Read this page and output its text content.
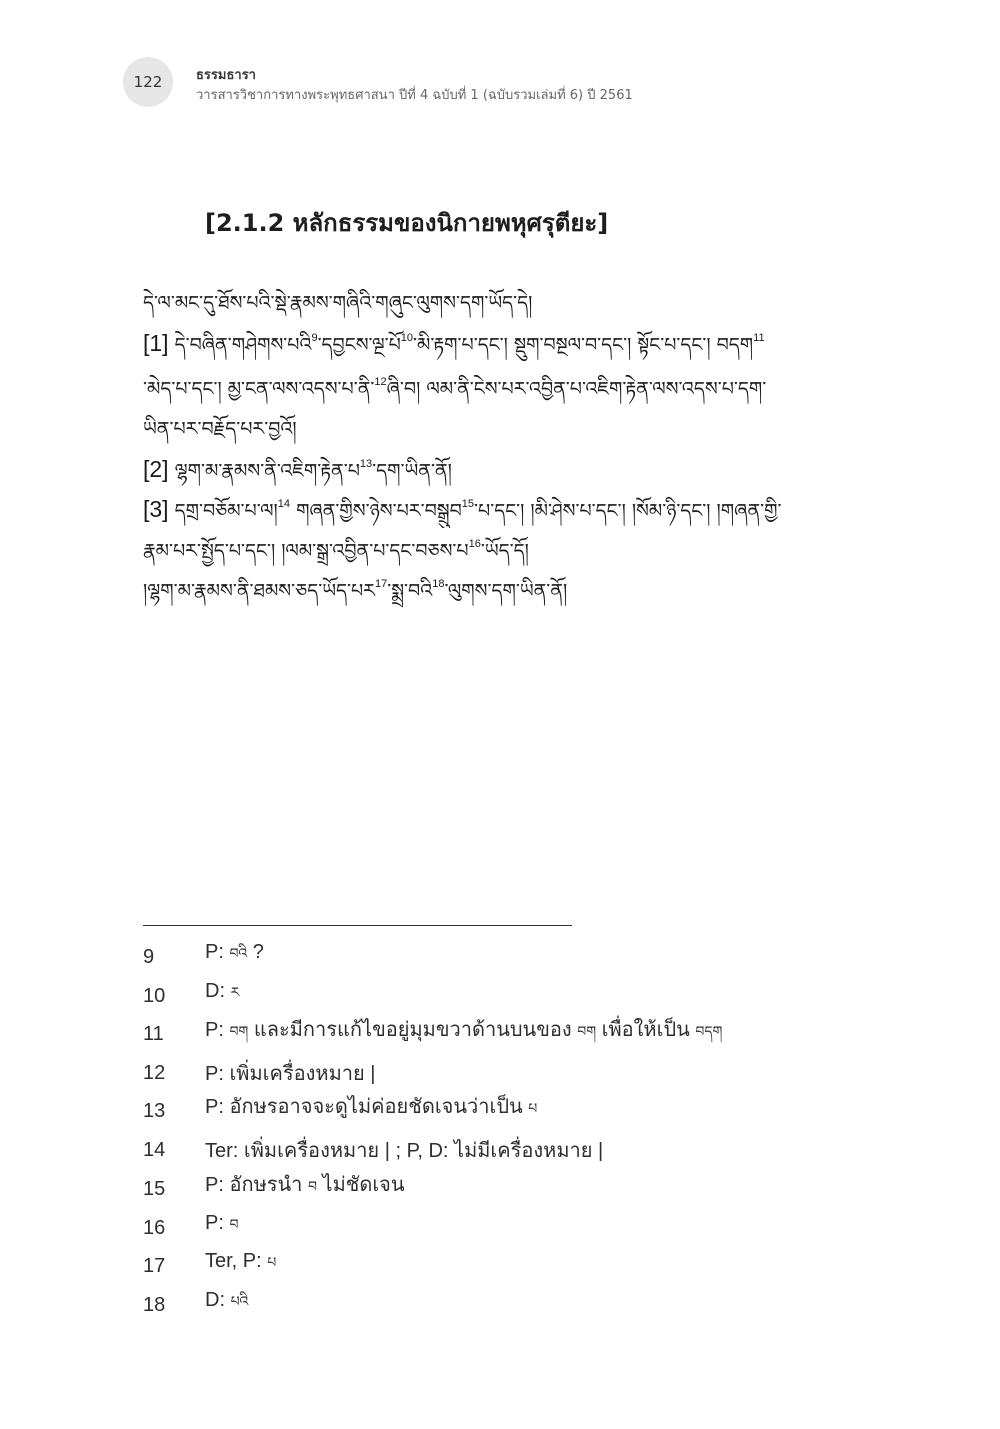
122	ธรรมธารา
วารสารวิชาการทางพระพุทธศาสนา ปีที่ 4 ฉบับที่ 1 (ฉบับรวมเล่มที่ 6) ปี 2561
[2.1.2 หลักธรรมของนิกายพหุศรุตียะ]
དེ་ལ་མང་དུ་ཐོས་པའི་སྡེ་རྣམས་གཞིའི་གཞུང་ལུགས་དག་ཡོད་དེ།
[1] དེ་བཞིན་གཤེགས་པའི$^9$་དབྱངས་ལྔ་པོ$^{10}$་མི་རྟག་པ་དང་། སྡུག་བསྔལ་བ་དང་། སྟོང་པ་དང་། བདག$^{11}$
་མེད་པ་དང་། མྱ་ངན་ལས་འདས་པ་ནི་$^{12}$ཞི་བ། ལམ་ནི་ངེས་པར་འབྱིན་པ་འཇིག་རྟེན་ལས་འདས་པ་དག་
ཡིན་པར་བརྗོད་པར་བྱའོ།
[2] ལྷག་མ་རྣམས་ནི་འཇིག་རྟེན་པ$^{13}$་དག་ཡིན་ནོ།
[3] དགྲ་བཅོམ་པ་ལ།$^{14}$ གཞན་གྱིས་ཉེས་པར་བསྒྲུབ$^{15}$་པ་དང་། །མི་ཤེས་པ་དང་། །སོམ་ཉི་དང་། །གཞན་གྱི་
རྣམ་པར་སྤྱོད་པ་དང་། །ལམ་སྒྲ་འབྱིན་པ་དང་བཅས་པ$^{16}$་ཡོད་དོ།
།ལྷག་མ་རྣམས་ནི་ཐམས་ཅད་ཡོད་པར$^{17}$་སྨྲ་བའི$^{18}$་ལུགས་དག་ཡིན་ནོ།
9	P: བའི ?
10	D: ཪ
11	P: བག และมีการแก้ไขอยู่มุมขวาด้านบนของ བག เพื่อให้เป็น བདག
12	P: เพิ่มเครื่องหมาย |
13	P: อักษรอาจจะดูไม่ค่อยชัดเจนว่าเป็น པ
14	Ter: เพิ่มเครื่องหมาย | ; P, D: ไม่มีเครื่องหมาย |
15	P: อักษรนำ བ ไม่ชัดเจน
16	P: བ
17	Ter, P: པ
18	D: པའི
